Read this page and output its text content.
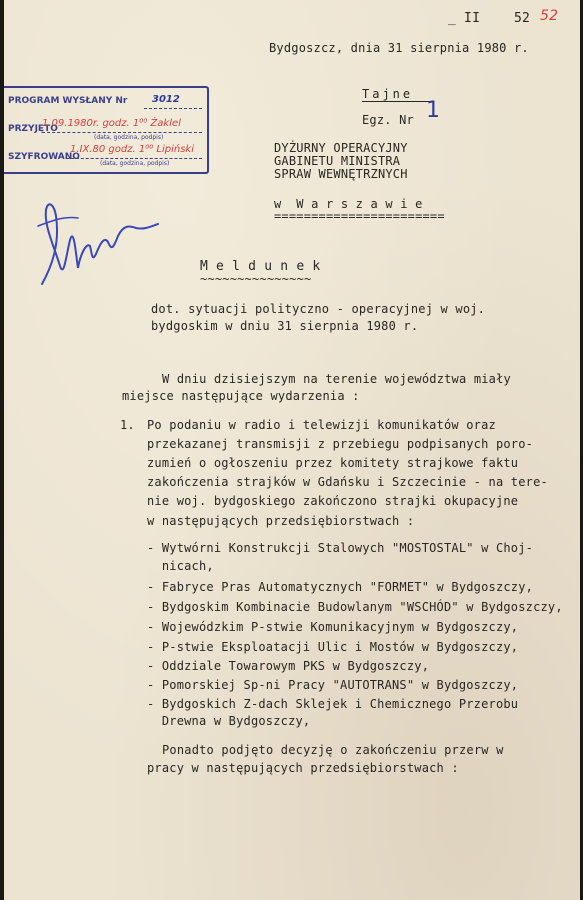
_ II	52 52
Bydgoszcz, dnia 31 sierpnia 1980 r.
Tajne
Egz. Nr 1
DYŻURNY OPERACYJNY
GABINETU MINISTRA
SPRAW WEWNĘTRZNYCH
w  W a r s z a w i e
=======================
PROGRAM WYSŁANY Nr 3012
PRZYJĘTO
1.09.1980r. godz. 1⁰⁰ Żaklel
(data, godzina, podpis)
SZYFROWANO
1.IX.80 godz. 1⁰⁰ Lipiński
(data, godzina, podpis)
M e l d u n e k
~~~~~~~~~~~~~~~
dot. sytuacji polityczno - operacyjnej w woj.
bydgoskim w dniu 31 sierpnia 1980 r.
W dniu dzisiejszym na terenie województwa miały
miejsce następujące wydarzenia :
1. Po podaniu w radio i telewizji komunikatów oraz
przekazanej transmisji z przebiegu podpisanych poro-
zumień o ogłoszeniu przez komitety strajkowe faktu
zakończenia strajków w Gdańsku i Szczecinie - na tere-
nie woj. bydgoskiego zakończono strajki okupacyjne
w następujących przedsiębiorstwach :
- Wytwórni Konstrukcji Stalowych "MOSTOSTAL" w Choj-
nicach,
- Fabryce Pras Automatycznych "FORMET" w Bydgoszczy,
- Bydgoskim Kombinacie Budowlanym "WSCHÓD" w Bydgoszczy,
- Wojewódzkim P-stwie Komunikacyjnym w Bydgoszczy,
- P-stwie Eksploatacji Ulic i Mostów w Bydgoszczy,
- Oddziale Towarowym PKS w Bydgoszczy,
- Pomorskiej Sp-ni Pracy "AUTOTRANS" w Bydgoszczy,
- Bydgoskich Z-dach Sklejek i Chemicznego Przerobu
Drewna w Bydgoszczy,
Ponadto podjęto decyzję o zakończeniu przerw w
pracy w następujących przedsiębiorstwach :
